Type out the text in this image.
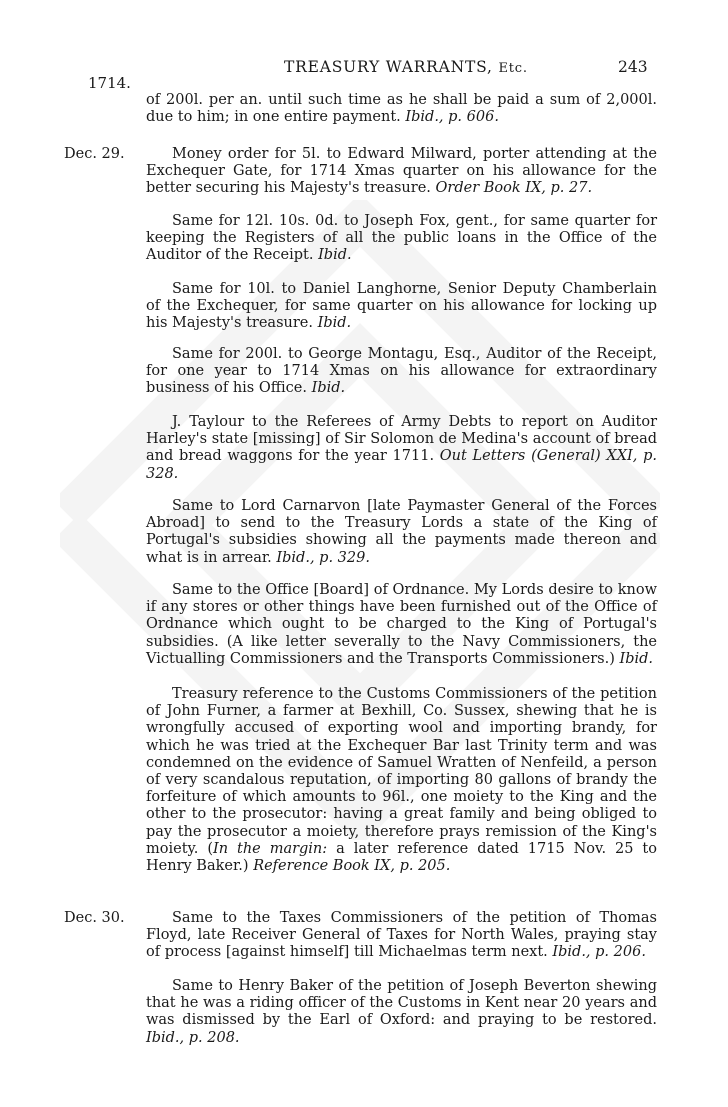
1714.
TREASURY WARRANTS, Etc.	243

of 200l. per an. until such time as he shall be paid a sum of 2,000l. due to him; in one entire payment. Ibid., p. 606.

Dec. 29.	Money order for 5l. to Edward Milward, porter attending at the Exchequer Gate, for 1714 Xmas quarter on his allowance for the better securing his Majesty's treasure. Order Book IX, p. 27.

Same for 12l. 10s. 0d. to Joseph Fox, gent., for same quarter for keeping the Registers of all the public loans in the Office of the Auditor of the Receipt. Ibid.

Same for 10l. to Daniel Langhorne, Senior Deputy Chamberlain of the Exchequer, for same quarter on his allowance for locking up his Majesty's treasure. Ibid.

Same for 200l. to George Montagu, Esq., Auditor of the Receipt, for one year to 1714 Xmas on his allowance for extraordinary business of his Office. Ibid.

J. Taylour to the Referees of Army Debts to report on Auditor Harley's state [missing] of Sir Solomon de Medina's account of bread and bread waggons for the year 1711. Out Letters (General) XXI, p. 328.

Same to Lord Carnarvon [late Paymaster General of the Forces Abroad] to send to the Treasury Lords a state of the King of Portugal's subsidies showing all the payments made thereon and what is in arrear. Ibid., p. 329.

Same to the Office [Board] of Ordnance. My Lords desire to know if any stores or other things have been furnished out of the Office of Ordnance which ought to be charged to the King of Portugal's subsidies. (A like letter severally to the Navy Commissioners, the Victualling Commissioners and the Transports Commissioners.) Ibid.

Treasury reference to the Customs Commissioners of the petition of John Furner, a farmer at Bexhill, Co. Sussex, shewing that he is wrongfully accused of exporting wool and importing brandy, for which he was tried at the Exchequer Bar last Trinity term and was condemned on the evidence of Samuel Wratten of Nenfeild, a person of very scandalous reputation, of importing 80 gallons of brandy the forfeiture of which amounts to 96l., one moiety to the King and the other to the prosecutor: having a great family and being obliged to pay the prosecutor a moiety, therefore prays remission of the King's moiety. (In the margin: a later reference dated 1715 Nov. 25 to Henry Baker.) Reference Book IX, p. 205.

Dec. 30.	Same to the Taxes Commissioners of the petition of Thomas Floyd, late Receiver General of Taxes for North Wales, praying stay of process [against himself] till Michaelmas term next. Ibid., p. 206.

Same to Henry Baker of the petition of Joseph Beverton shewing that he was a riding officer of the Customs in Kent near 20 years and was dismissed by the Earl of Oxford: and praying to be restored. Ibid., p. 208.
